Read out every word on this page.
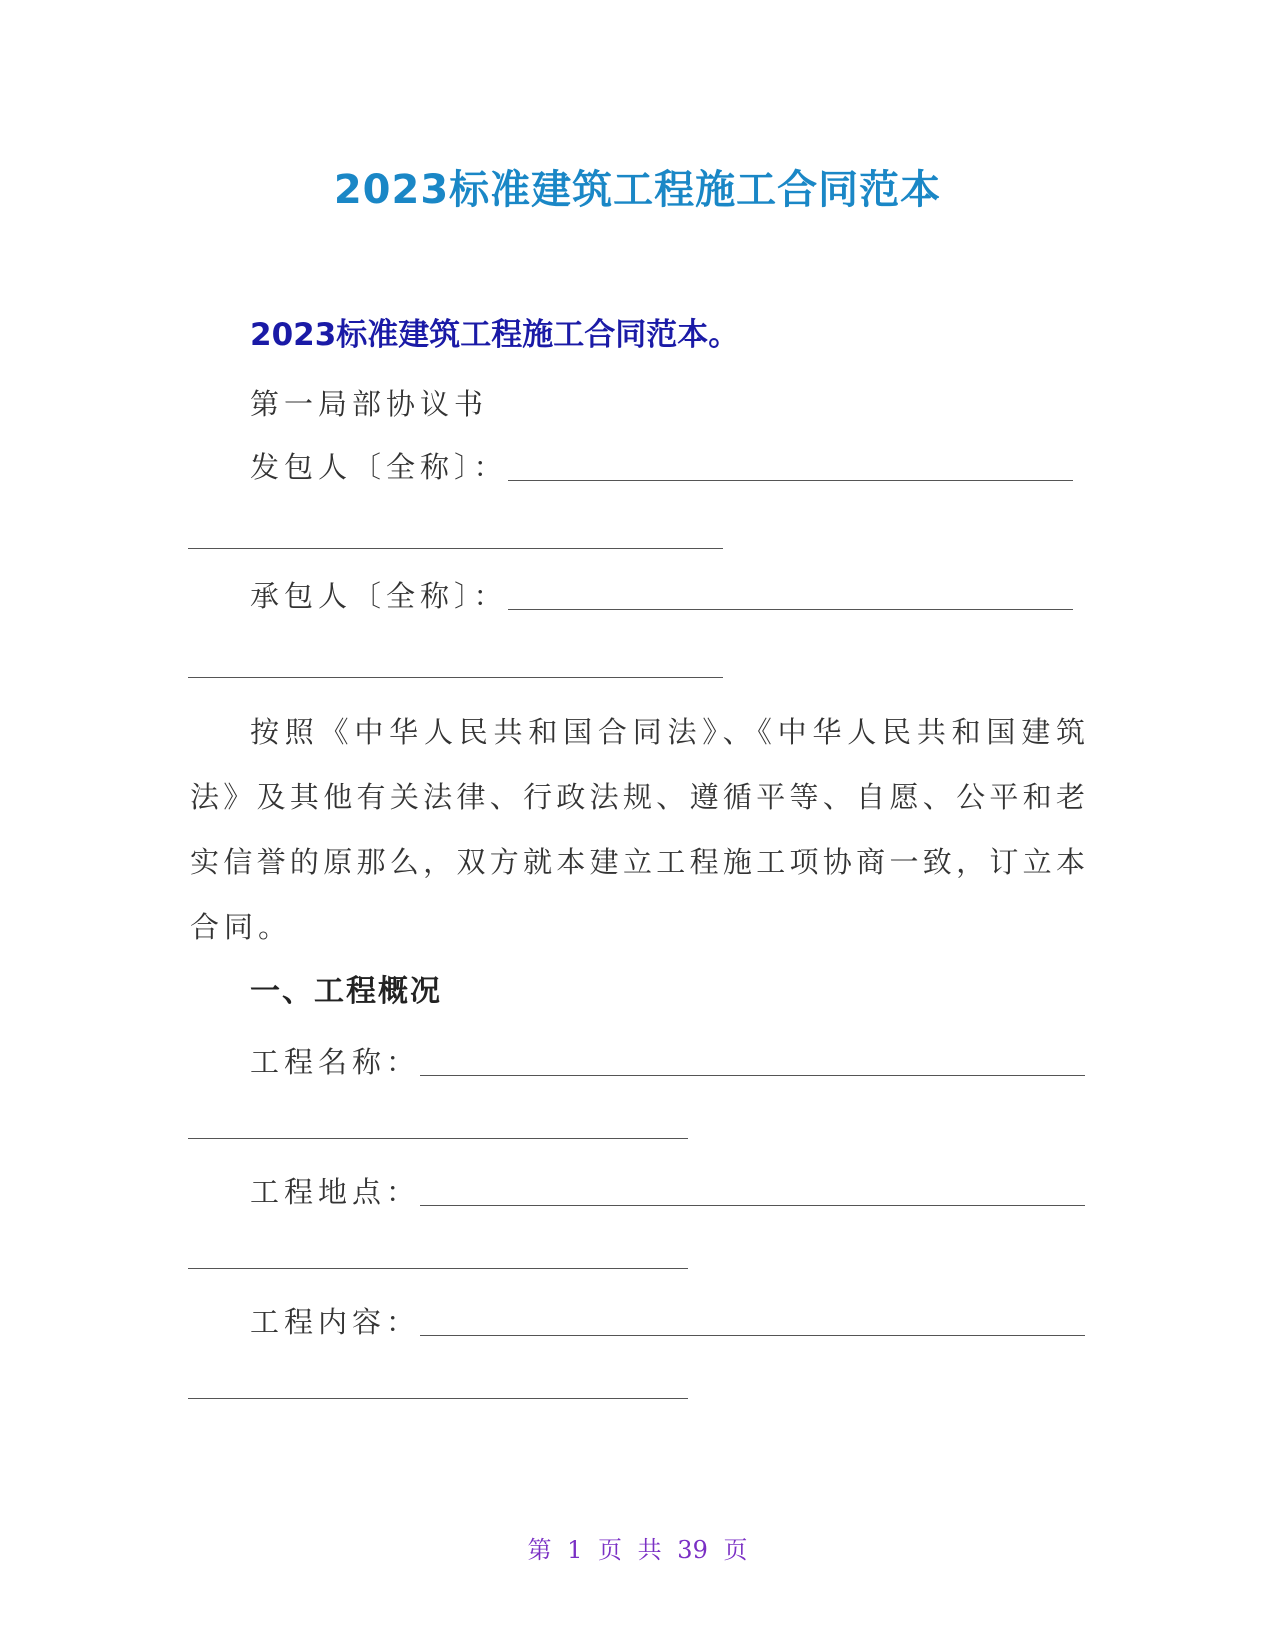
2023标准建筑工程施工合同范本
2023标准建筑工程施工合同范本。
第一局部协议书
发包人〔全称〕：
承包人〔全称〕：
按照《中华人民共和国合同法》、《中华人民共和国建筑
法》及其他有关法律、行政法规、遵循平等、自愿、公平和老
实信誉的原那么，双方就本建立工程施工项协商一致，订立本
合同。
一、工程概况
工程名称：
工程地点：
工程内容：
第 1 页 共 39 页
